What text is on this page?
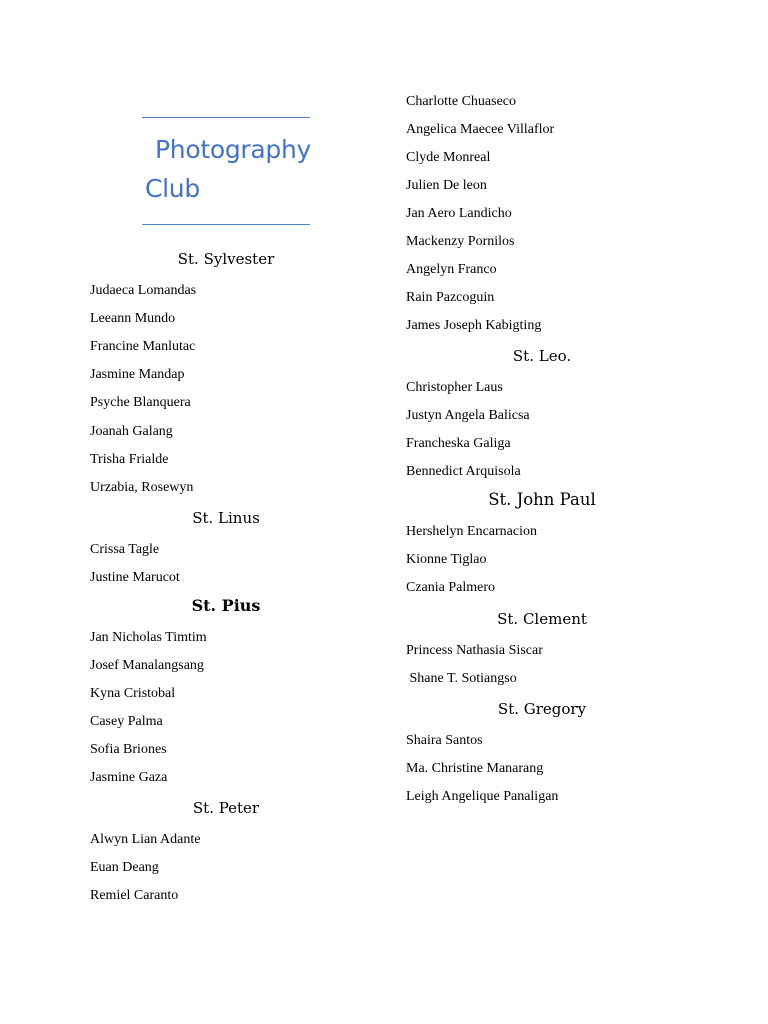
Photography
Club
St. Sylvester
Judaeca Lomandas
Leeann Mundo
Francine Manlutac
Jasmine Mandap
Psyche Blanquera
Joanah Galang
Trisha Frialde
Urzabia, Rosewyn
St. Linus
Crissa Tagle
Justine Marucot
St. Pius
Jan Nicholas Timtim
Josef Manalangsang
Kyna Cristobal
Casey Palma
Sofia Briones
Jasmine Gaza
St. Peter
Alwyn Lian Adante
Euan Deang
Remiel Caranto
Charlotte Chuaseco
Angelica Maecee Villaflor
Clyde Monreal
Julien De leon
Jan Aero Landicho
Mackenzy Pornilos
Angelyn Franco
Rain Pazcoguin
James Joseph Kabigting
St. Leo.
Christopher Laus
Justyn Angela Balicsa
Francheska Galiga
Bennedict Arquisola
St. John Paul
Hershelyn Encarnacion
Kionne Tiglao
Czania Palmero
St. Clement
Princess Nathasia Siscar
Shane T. Sotiangso
St. Gregory
Shaira Santos
Ma. Christine Manarang
Leigh Angelique Panaligan
